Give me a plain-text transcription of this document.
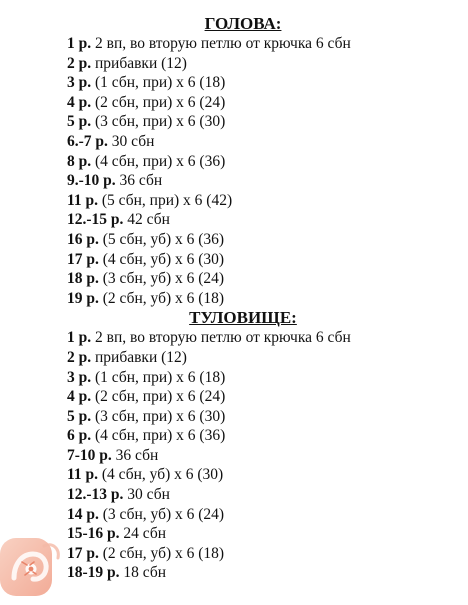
ГОЛОВА:
1 р. 2 вп, во вторую петлю от крючка 6 сбн
2 р. прибавки (12)
3 р. (1 сбн, при) х 6 (18)
4 р. (2 сбн, при) х 6 (24)
5 р. (3 сбн, при) х 6 (30)
6.-7 р. 30 сбн
8 р. (4 сбн, при) х 6 (36)
9.-10 р. 36 сбн
11 р. (5 сбн, при) х 6 (42)
12.-15 р. 42 сбн
16 р. (5 сбн, уб) х 6 (36)
17 р. (4 сбн, уб) х 6 (30)
18 р. (3 сбн, уб) х 6 (24)
19 р. (2 сбн, уб) х 6 (18)
ТУЛОВИЩЕ:
1 р. 2 вп, во вторую петлю от крючка 6 сбн
2 р. прибавки (12)
3 р. (1 сбн, при) х 6 (18)
4 р. (2 сбн, при) х 6 (24)
5 р. (3 сбн, при) х 6 (30)
6 р. (4 сбн, при) х 6 (36)
7-10 р. 36 сбн
11 р. (4 сбн, уб) х 6 (30)
12.-13 р. 30 сбн
14 р. (3 сбн, уб) х 6 (24)
15-16 р. 24 сбн
17 р. (2 сбн, уб) х 6 (18)
18-19 р. 18 сбн
